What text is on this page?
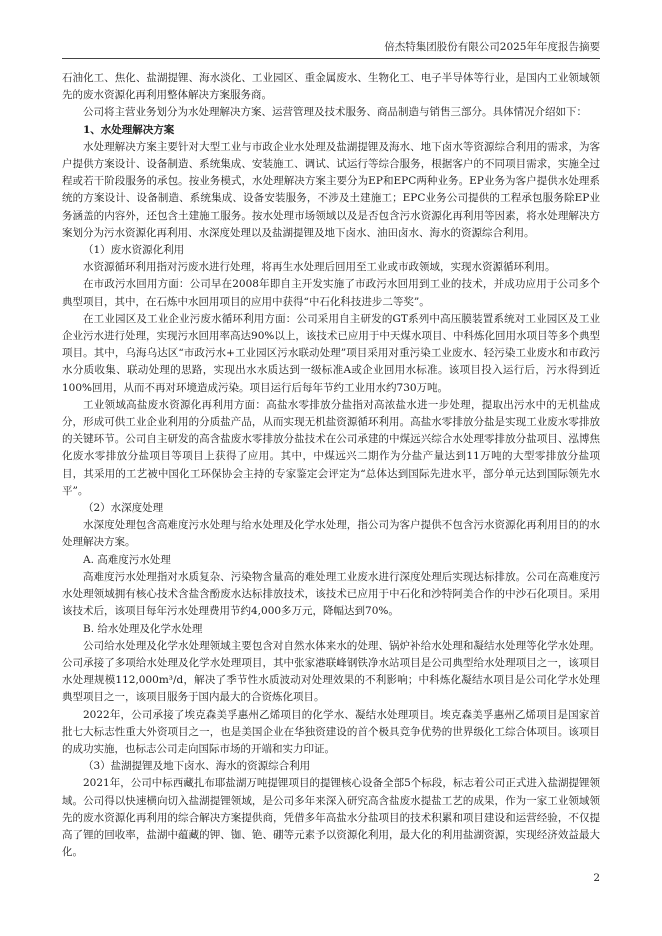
倍杰特集团股份有限公司2025年年度报告摘要

石油化工、焦化、盐湖提锂、海水淡化、工业园区、重金属废水、生物化工、电子半导体等行业，是国内工业领域领先的废水资源化再利用整体解决方案服务商。

公司将主营业务划分为水处理解决方案、运营管理及技术服务、商品制造与销售三部分。具体情况介绍如下：

1、水处理解决方案

水处理解决方案主要针对大型工业与市政企业水处理及盐湖提锂及海水、地下卤水等资源综合利用的需求，为客户提供方案设计、设备制造、系统集成、安装施工、调试、试运行等综合服务，根据客户的不同项目需求，实施全过程或若干阶段服务的承包。按业务模式，水处理解决方案主要分为EP和EPC两种业务。EP业务为客户提供水处理系统的方案设计、设备制造、系统集成、设备安装服务，不涉及土建施工；EPC业务公司提供的工程承包服务除EP业务涵盖的内容外，还包含土建施工服务。按水处理市场领域以及是否包含污水资源化再利用等因素，将水处理解决方案划分为污水资源化再利用、水深度处理以及盐湖提锂及地下卤水、油田卤水、海水的资源综合利用。

（1）废水资源化利用

水资源循环利用指对污废水进行处理，将再生水处理后回用至工业或市政领域，实现水资源循环利用。

在市政污水回用方面：公司早在2008年即自主开发实施了市政污水回用到工业的技术，并成功应用于公司多个典型项目，其中，在石炼中水回用项目的应用中获得“中石化科技进步二等奖”。

在工业园区及工业企业污废水循环利用方面：公司采用自主研发的GT系列中高压膜装置系统对工业园区及工业企业污水进行处理，实现污水回用率高达90%以上，该技术已应用于中天煤水项目、中科炼化回用水项目等多个典型项目。其中，乌海乌达区“市政污水+工业园区污水联动处理”项目采用对重污染工业废水、轻污染工业废水和市政污水分质收集、联动处理的思路，实现出水水质达到一级标准A或企业回用水标准。该项目投入运行后，污水得到近100%回用，从而不再对环境造成污染。项目运行后每年节约工业用水约730万吨。

工业领域高盐废水资源化再利用方面：高盐水零排放分盐指对高浓盐水进一步处理，提取出污水中的无机盐成分，形成可供工业企业利用的分质盐产品，从而实现无机盐资源循环利用。高盐水零排放分盐是实现工业废水零排放的关键环节。公司自主研发的高含盐废水零排放分盐技术在公司承建的中煤远兴综合水处理零排放分盐项目、泓博焦化废水零排放分盐项目等项目上获得了应用。其中，中煤远兴二期作为分盐产量达到11万吨的大型零排放分盐项目，其采用的工艺被中国化工环保协会主持的专家鉴定会评定为“总体达到国际先进水平，部分单元达到国际领先水平”。

（2）水深度处理

水深度处理包含高难度污水处理与给水处理及化学水处理，指公司为客户提供不包含污水资源化再利用目的的水处理解决方案。

A. 高难度污水处理

高难度污水处理指对水质复杂、污染物含量高的难处理工业废水进行深度处理后实现达标排放。公司在高难度污水处理领域拥有核心技术含盐含酚废水达标排放技术，该技术已应用于中石化和沙特阿美合作的中沙石化项目。采用该技术后，该项目每年污水处理费用节约4,000多万元，降幅达到70%。

B. 给水处理及化学水处理

公司给水处理及化学水处理领域主要包含对自然水体来水的处理、锅炉补给水处理和凝结水处理等化学水处理。公司承接了多项给水处理及化学水处理项目，其中张家港联峰钢铁净水站项目是公司典型给水处理项目之一，该项目水处理规模112,000m³/d，解决了季节性水质波动对处理效果的不利影响；中科炼化凝结水项目是公司化学水处理典型项目之一，该项目服务于国内最大的合资炼化项目。

2022年，公司承接了埃克森美孚惠州乙烯项目的化学水、凝结水处理项目。埃克森美孚惠州乙烯项目是国家首批七大标志性重大外资项目之一，也是美国企业在华独资建设的首个极具竞争优势的世界级化工综合体项目。该项目的成功实施，也标志公司走向国际市场的开端和实力印证。

（3）盐湖提锂及地下卤水、海水的资源综合利用

2021年，公司中标西藏扎布耶盐湖万吨提锂项目的提锂核心设备全部5个标段，标志着公司正式进入盐湖提锂领域。公司得以快速横向切入盐湖提锂领域，是公司多年来深入研究高含盐废水提盐工艺的成果，作为一家工业领域领先的废水资源化再利用的综合解决方案提供商，凭借多年高盐水分盐项目的技术积累和项目建设和运营经验，不仅提高了锂的回收率，盐湖中蕴藏的钾、铷、铯、硼等元素予以资源化利用，最大化的利用盐湖资源，实现经济效益最大化。

2
